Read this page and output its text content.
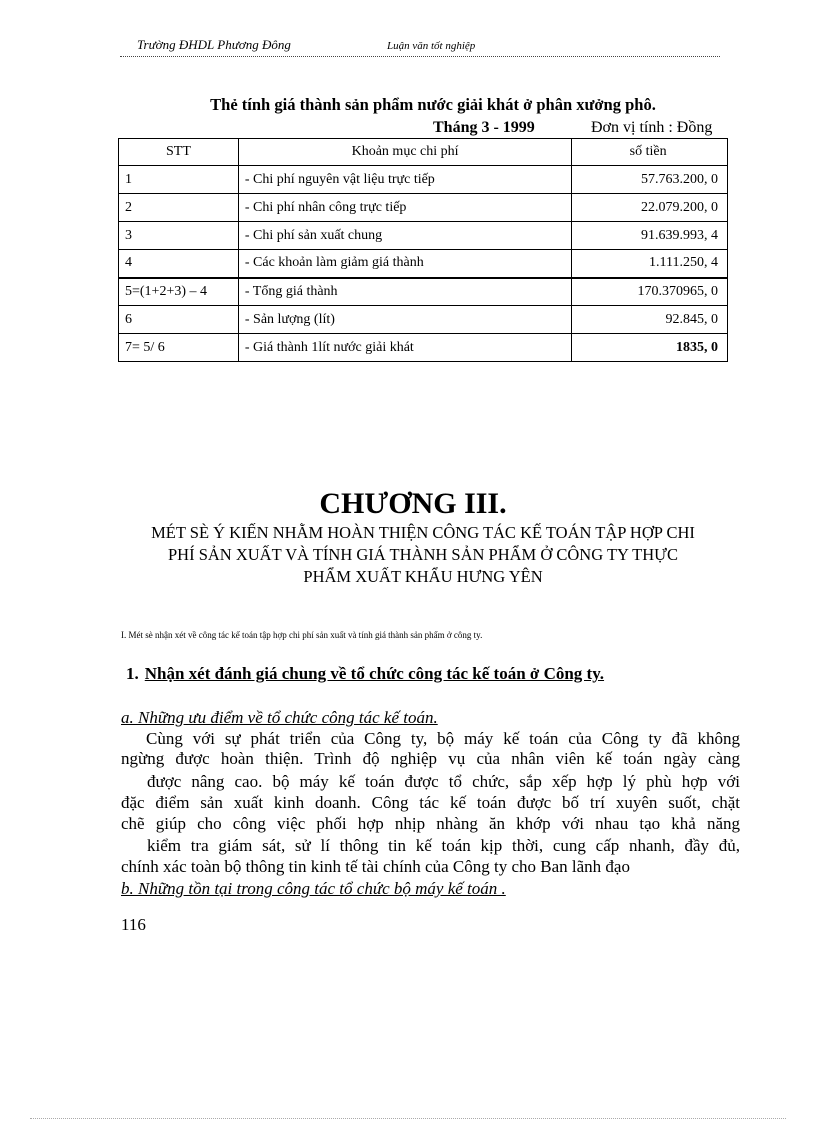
Trường ĐHDL Phương Đông	Luận văn tốt nghiệp
Thẻ tính giá thành sản phẩm nước giải khát ở phân xưởng phô.
Tháng 3 - 1999	Đơn vị tính : Đồng
STT	Khoản mục chi phí	số tiền
1	- Chi phí nguyên vật liệu trực tiếp	57.763.200, 0
2	- Chi phí nhân công trực tiếp	22.079.200, 0
3	- Chi phí sản xuất chung	91.639.993, 4
4	- Các khoản làm giảm giá thành	1.111.250, 4
5=(1+2+3) – 4	- Tổng giá thành	170.370965, 0
6	- Sản lượng (lít)	92.845, 0
7= 5/ 6	- Giá thành 1lít nước giải khát	1835, 0
CHƯƠNG III.
MÉT SÈ Ý KIẾN NHẰM HOÀN THIỆN CÔNG TÁC KẾ TOÁN TẬP HỢP CHI
PHÍ SẢN XUẤT VÀ TÍNH GIÁ THÀNH SẢN PHẨM Ở CÔNG TY THỰC
PHẨM XUẤT KHẨU HƯNG YÊN
I. Mét sè nhận xét về công tác kế toán tập hợp chi phí sản xuất và tính giá thành sản phẩm ở công ty.
1. Nhận xét đánh giá chung về tổ chức công tác kế toán ở Công ty.
a. Những ưu điểm về tổ chức công tác kế toán.
Cùng với sự phát triển của Công ty, bộ máy kế toán của Công ty đã không
ngừng được hoàn thiện. Trình độ nghiệp vụ của nhân viên kế toán ngày càng
được nâng cao. bộ máy kế toán được tổ chức, sắp xếp hợp lý phù hợp với
đặc điểm sản xuất kinh doanh. Công tác kế toán được bố trí xuyên suốt, chặt
chẽ giúp cho công việc phối hợp nhịp nhàng ăn khớp với nhau tạo khả năng
kiểm tra giám sát, sử lí thông tin kế toán kịp thời, cung cấp nhanh, đầy đủ,
chính xác toàn bộ thông tin kinh tế tài chính của Công ty cho Ban lãnh đạo
b. Những tồn tại trong công tác tổ chức bộ máy kế toán .
116
